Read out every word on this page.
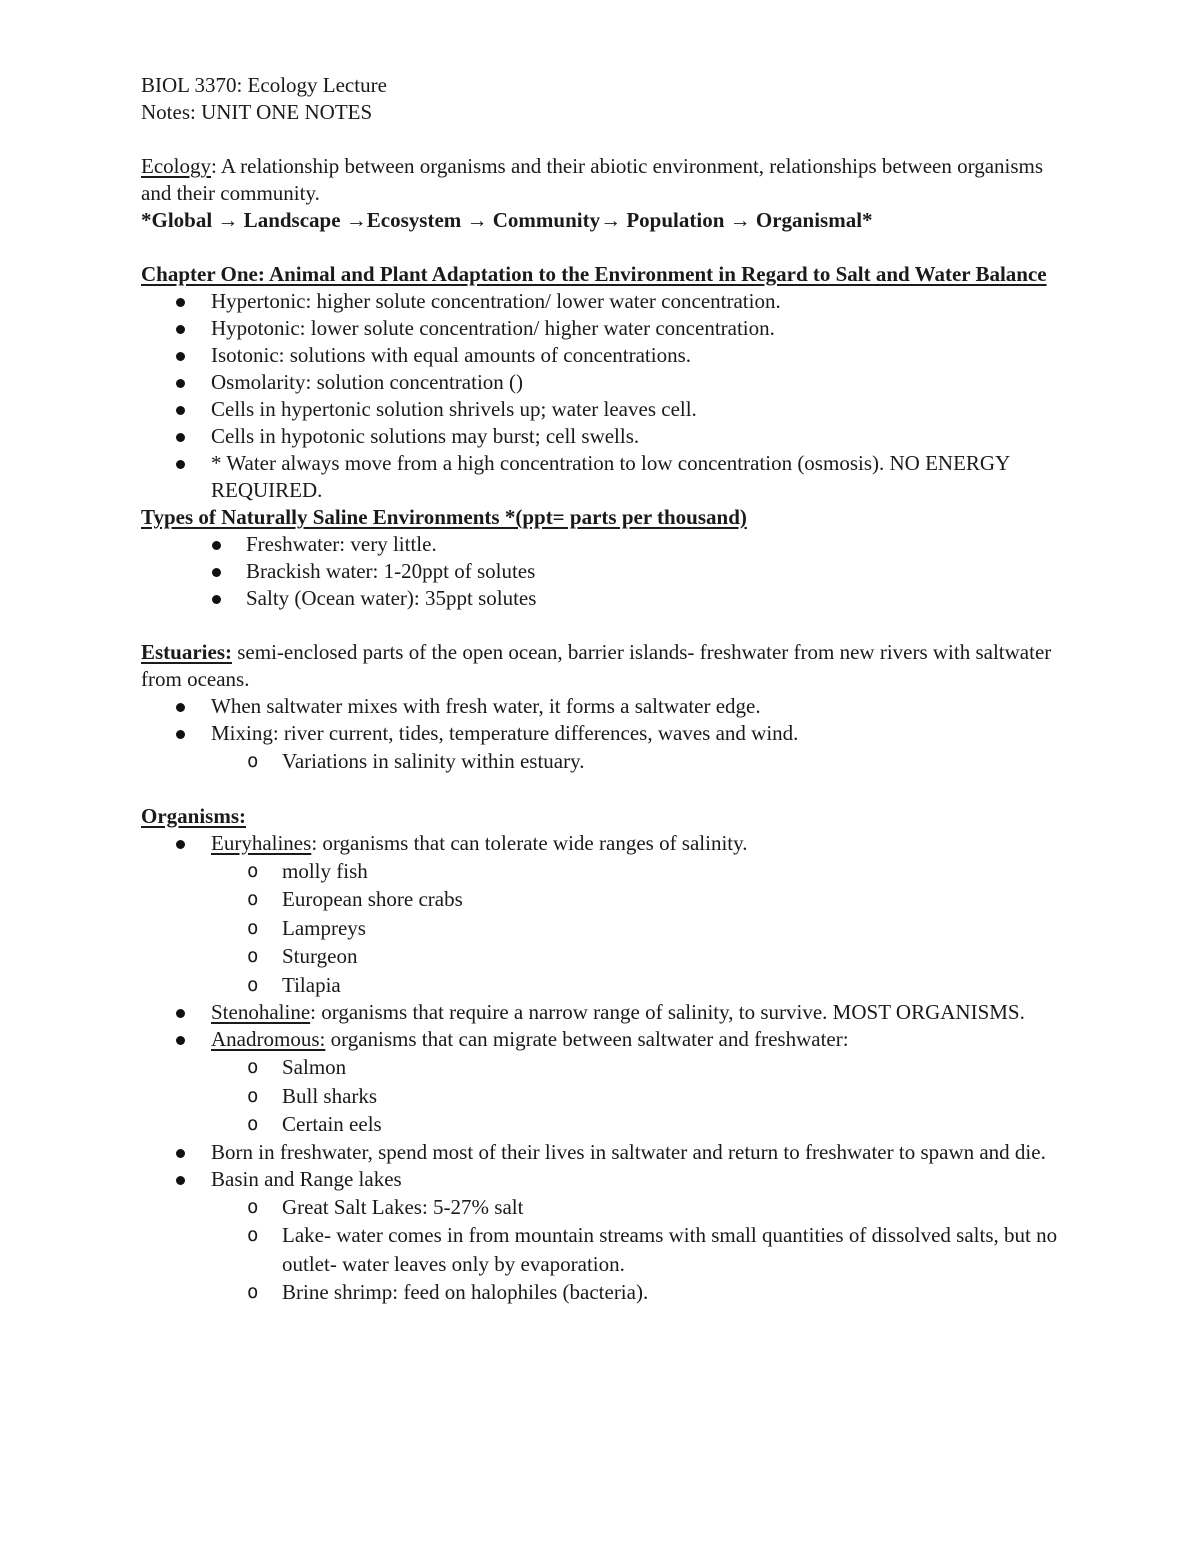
BIOL 3370: Ecology Lecture

Notes: UNIT ONE NOTES

Ecology: A relationship between organisms and their abiotic environment, relationships between organisms and their community.

*Global → Landscape →Ecosystem → Community→ Population → Organismal*

Chapter One: Animal and Plant Adaptation to the Environment in Regard to Salt and Water Balance

Hypertonic: higher solute concentration/ lower water concentration.
Hypotonic: lower solute concentration/ higher water concentration.
Isotonic: solutions with equal amounts of concentrations.
Osmolarity: solution concentration ()
Cells in hypertonic solution shrivels up; water leaves cell.
Cells in hypotonic solutions may burst; cell swells.
* Water always move from a high concentration to low concentration (osmosis). NO ENERGY REQUIRED.

Types of Naturally Saline Environments *(ppt= parts per thousand)

Freshwater: very little.
Brackish water: 1-20ppt of solutes
Salty (Ocean water): 35ppt solutes

Estuaries: semi-enclosed parts of the open ocean, barrier islands- freshwater from new rivers with saltwater from oceans.

When saltwater mixes with fresh water, it forms a saltwater edge.
Mixing: river current, tides, temperature differences, waves and wind.
o Variations in salinity within estuary.

Organisms:

Euryhalines: organisms that can tolerate wide ranges of salinity.
o molly fish
o European shore crabs
o Lampreys
o Sturgeon
o Tilapia
Stenohaline: organisms that require a narrow range of salinity, to survive. MOST ORGANISMS.
Anadromous: organisms that can migrate between saltwater and freshwater:
o Salmon
o Bull sharks
o Certain eels
Born in freshwater, spend most of their lives in saltwater and return to freshwater to spawn and die.
Basin and Range lakes
o Great Salt Lakes: 5-27% salt
o Lake- water comes in from mountain streams with small quantities of dissolved salts, but no outlet- water leaves only by evaporation.
o Brine shrimp: feed on halophiles (bacteria).
